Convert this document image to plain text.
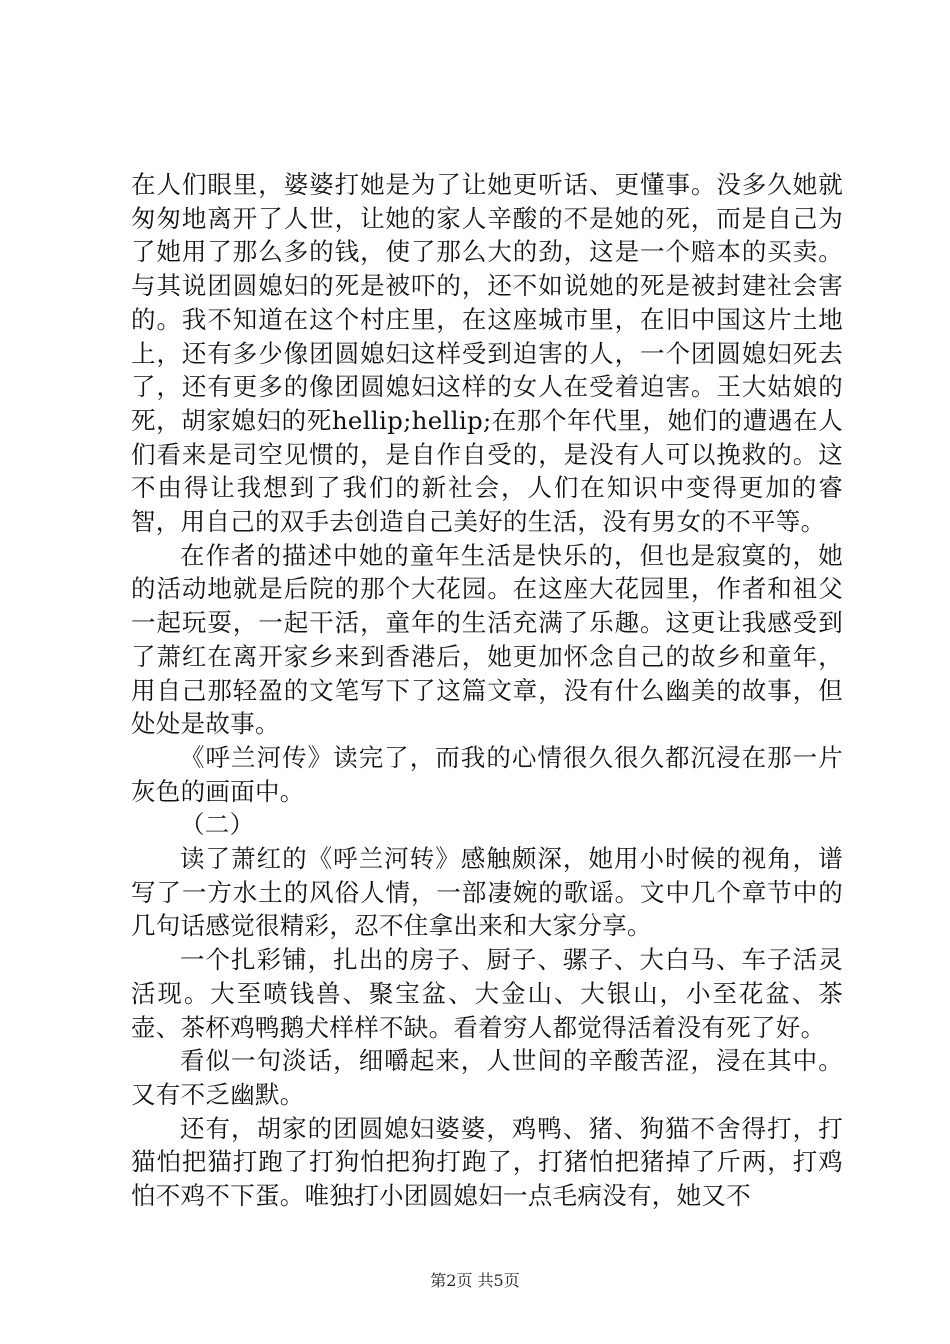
在人们眼里，婆婆打她是为了让她更听话、更懂事。没多久她就匆匆地离开了人世，让她的家人辛酸的不是她的死，而是自己为了她用了那么多的钱，使了那么大的劲，这是一个赔本的买卖。与其说团圆媳妇的死是被吓的，还不如说她的死是被封建社会害的。我不知道在这个村庄里，在这座城市里，在旧中国这片土地上，还有多少像团圆媳妇这样受到迫害的人，一个团圆媳妇死去了，还有更多的像团圆媳妇这样的女人在受着迫害。王大姑娘的死，胡家媳妇的死hellip;hellip;在那个年代里，她们的遭遇在人们看来是司空见惯的，是自作自受的，是没有人可以挽救的。这不由得让我想到了我们的新社会，人们在知识中变得更加的睿智，用自己的双手去创造自己美好的生活，没有男女的不平等。

在作者的描述中她的童年生活是快乐的，但也是寂寞的，她的活动地就是后院的那个大花园。在这座大花园里，作者和祖父一起玩耍，一起干活，童年的生活充满了乐趣。这更让我感受到了萧红在离开家乡来到香港后，她更加怀念自己的故乡和童年，用自己那轻盈的文笔写下了这篇文章，没有什么幽美的故事，但处处是故事。

《呼兰河传》读完了，而我的心情很久很久都沉浸在那一片灰色的画面中。

（二）

读了萧红的《呼兰河转》感触颇深，她用小时候的视角，谱写了一方水土的风俗人情，一部凄婉的歌谣。文中几个章节中的几句话感觉很精彩，忍不住拿出来和大家分享。

一个扎彩铺，扎出的房子、厨子、骡子、大白马、车子活灵活现。大至喷钱兽、聚宝盆、大金山、大银山，小至花盆、茶壶、茶杯鸡鸭鹅犬样样不缺。看着穷人都觉得活着没有死了好。

看似一句淡话，细嚼起来，人世间的辛酸苦涩，浸在其中。又有不乏幽默。

还有，胡家的团圆媳妇婆婆，鸡鸭、猪、狗猫不舍得打，打猫怕把猫打跑了打狗怕把狗打跑了，打猪怕把猪掉了斤两，打鸡怕不鸡不下蛋。唯独打小团圆媳妇一点毛病没有，她又不

第2页 共5页
